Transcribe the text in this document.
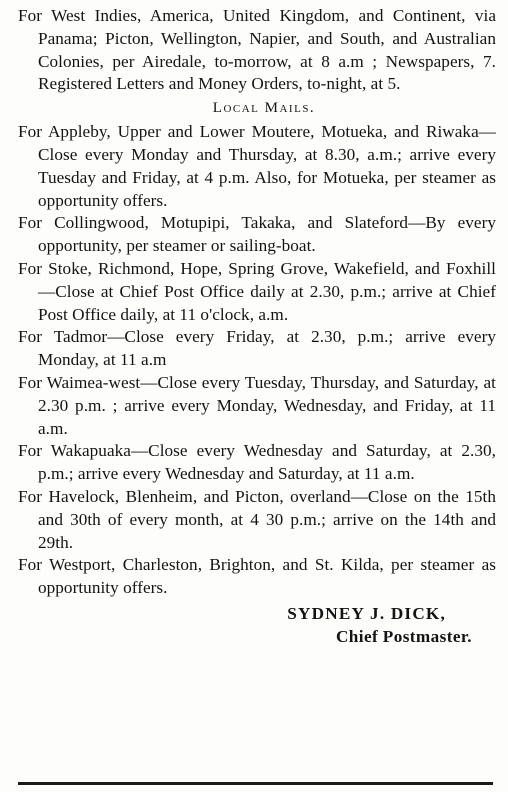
For West Indies, America, United Kingdom, and Continent, via Panama; Picton, Wellington, Napier, and South, and Australian Colonies, per Airedale, to-morrow, at 8 a.m ; Newspapers, 7. Registered Letters and Money Orders, to-night, at 5.

Local Mails.

For Appleby, Upper and Lower Moutere, Motueka, and Riwaka—Close every Monday and Thursday, at 8.30, a.m.; arrive every Tuesday and Friday, at 4 p.m. Also, for Motueka, per steamer as opportunity offers.

For Collingwood, Motupipi, Takaka, and Slateford—By every opportunity, per steamer or sailing-boat.

For Stoke, Richmond, Hope, Spring Grove, Wakefield, and Foxhill—Close at Chief Post Office daily at 2.30, p.m.; arrive at Chief Post Office daily, at 11 o'clock, a.m.

For Tadmor—Close every Friday, at 2.30, p.m.; arrive every Monday, at 11 a.m

For Waimea-west—Close every Tuesday, Thursday, and Saturday, at 2.30 p.m. ; arrive every Monday, Wednesday, and Friday, at 11 a.m.

For Wakapuaka—Close every Wednesday and Saturday, at 2.30, p.m.; arrive every Wednesday and Saturday, at 11 a.m.

For Havelock, Blenheim, and Picton, overland—Close on the 15th and 30th of every month, at 4 30 p.m.; arrive on the 14th and 29th.

For Westport, Charleston, Brighton, and St. Kilda, per steamer as opportunity offers.

SYDNEY J. DICK,
Chief Postmaster.
